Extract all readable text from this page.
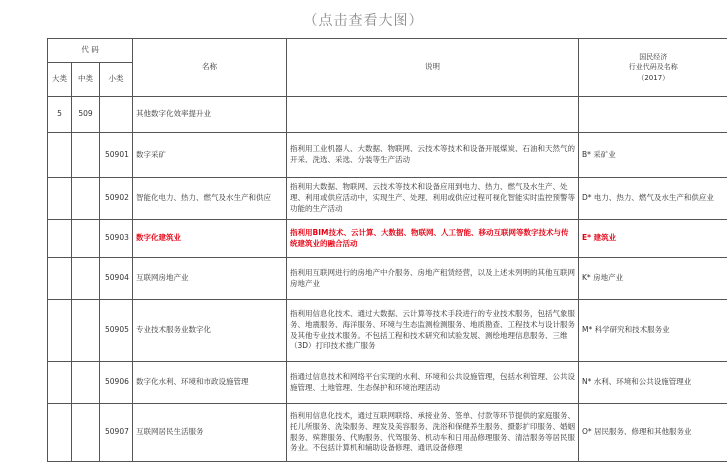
（点击查看大图）
代 码			名称	说明	国民经济
行业代码及名称
（2017）

大类	中类	小类			
5	509		其他数字化效率提升业		
		50901	数字采矿	指利用工业机器人、大数据、物联网、云技术等技术和设备开展煤炭、石油和天然气的开采、洗选、采选、分装等生产活动	B* 采矿业
		50902	智能化电力、热力、燃气及水生产和供应	指利用大数据、物联网、云技术等技术和设备应用到电力、热力、燃气及水生产、处理、利用或供应活动中，实现生产、处理、利用或供应过程可视化智能实时监控预警等功能的生产活动	D* 电力、热力、燃气及水生产和供应业
		50903	数字化建筑业	指利用BIM技术、云计算、大数据、物联网、人工智能、移动互联网等数字技术与传统建筑业的融合活动	E* 建筑业
		50904	互联网房地产业	指利用互联网进行的房地产中介服务、房地产租赁经营，以及上述未列明的其他互联网房地产业	K* 房地产业
		50905	专业技术服务业数字化	指利用信息化技术、通过大数据、云计算等技术手段进行的专业技术服务，包括气象服务、地震服务、海洋服务、环境与生态监测检测服务、地质勘查、工程技术与设计服务及其他专业技术服务。不包括工程和技术研究和试验发展、测绘地理信息服务、三维（3D）打印技术推广服务	M* 科学研究和技术服务业
		50906	数字化水利、环境和市政设施管理	指通过信息技术和网络平台实现的水利、环境和公共设施管理，包括水利管理、公共设施管理、土地管理、生态保护和环境治理活动	N* 水利、环境和公共设施管理业
		50907	互联网居民生活服务	指利用信息化技术，通过互联网联络、承接业务、签单、付款等环节提供的家庭服务、托儿所服务、洗染服务、理发及美容服务、洗浴和保健养生服务、摄影扩印服务、婚姻服务、殡葬服务、代购服务、代驾服务、机动车和日用品修理服务、清洁服务等居民服务业。不包括计算机和辅助设备修理、通讯设备修理	O* 居民服务、修理和其他服务业
